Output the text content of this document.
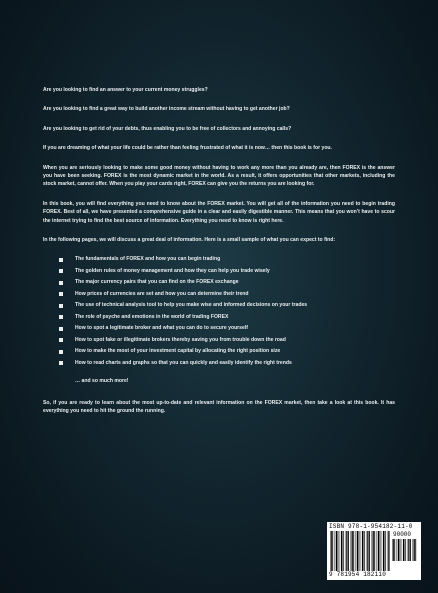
Are you looking to find an answer to your current money struggles?

Are you looking to find a great way to build another income stream without having to get another job?

Are you looking to get rid of your debts, thus enabling you to be free of collectors and annoying calls?

If you are dreaming of what your life could be rather than feeling frustrated of what it is now… then this book is for you.

When you are seriously looking to make some good money without having to work any more than you already are, then FOREX is the answer you have been seeking. FOREX is the most dynamic market in the world. As a result, it offers opportunities that other markets, including the stock market, cannot offer. When you play your cards right, FOREX can give you the returns you are looking for.

In this book, you will find everything you need to know about the FOREX market. You will get all of the information you need to begin trading FOREX. Best of all, we have presented a comprehensive guide in a clear and easily digestible manner. This means that you won’t have to scour the internet trying to find the best source of information. Everything you need to know is right here.

In the following pages, we will discuss a great deal of information. Here is a small sample of what you can expect to find:

The fundamentals of FOREX and how you can begin trading
The golden rules of money management and how they can help you trade wisely
The major currency pairs that you can find on the FOREX exchange
How prices of currencies are set and how you can determine their trend
The use of technical analysis tool to help you make wise and informed decisions on your trades
The role of psyche and emotions in the world of trading FOREX
How to spot a legitimate broker and what you can do to secure yourself
How to spot fake or illegitimate brokers thereby saving you from trouble down the road
How to make the most of your investment capital by allocating the right position size
How to read charts and graphs so that you can quickly and easily identify the right trends

… and so much more!

So, if you are ready to learn about the most up-to-date and relevant information on the FOREX market, then take a look at this book. It has everything you need to hit the ground the running.

ISBN 978-1-954182-11-0
90000
9 781954 182110
